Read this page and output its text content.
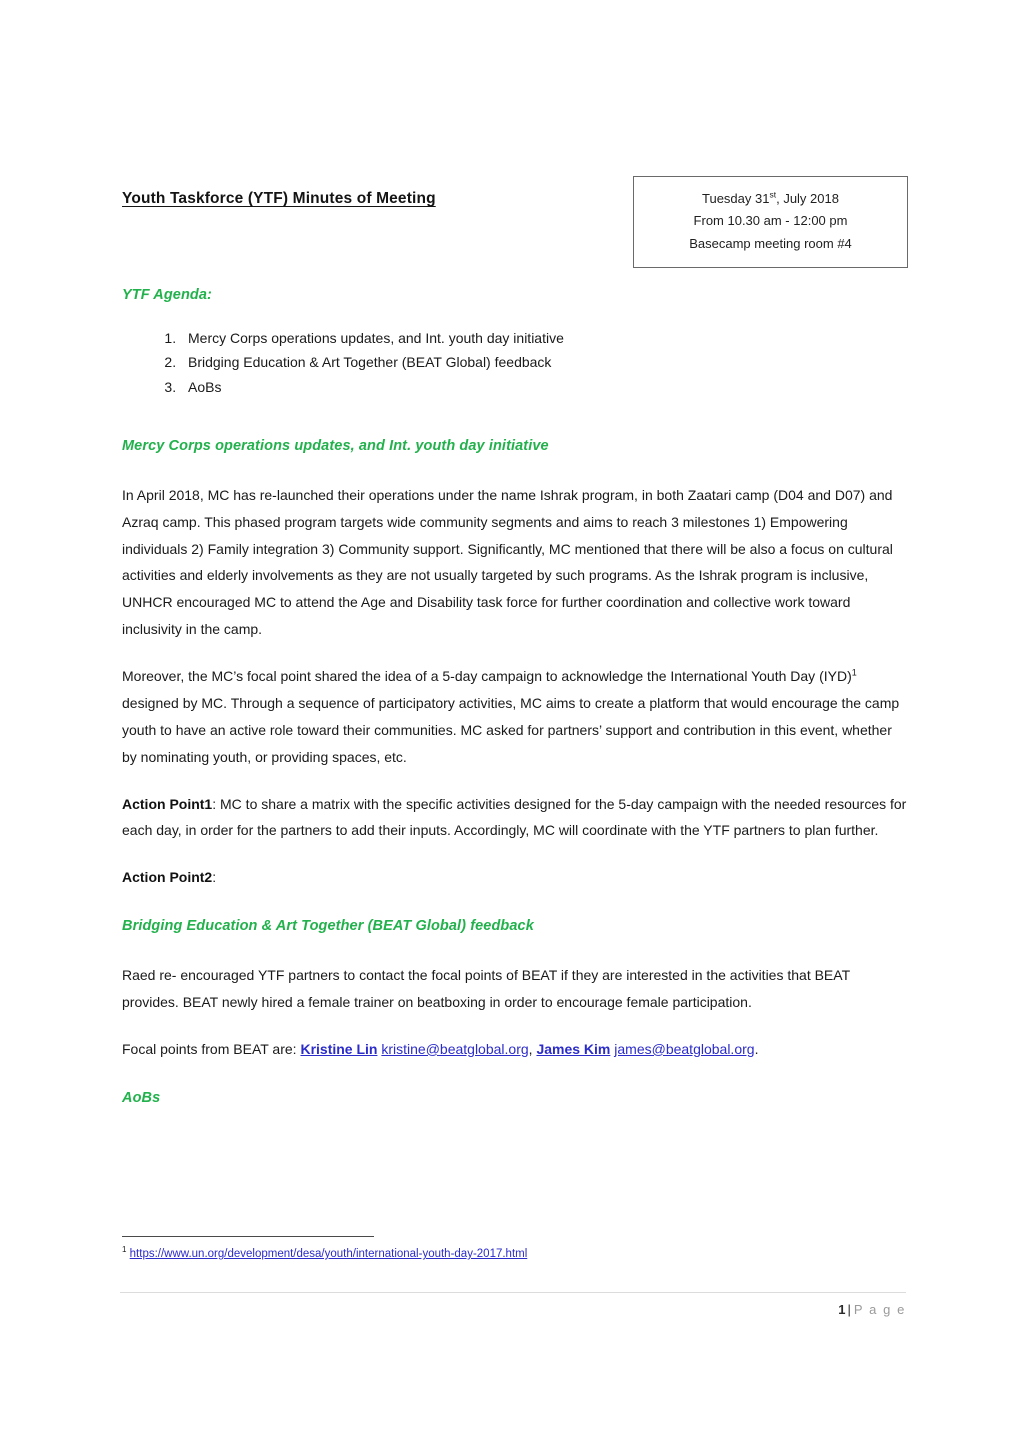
Youth Taskforce (YTF) Minutes of Meeting	Tuesday 31st, July 2018
From 10.30 am - 12:00 pm
Basecamp meeting room #4
YTF Agenda:
1. Mercy Corps operations updates, and Int. youth day initiative
2. Bridging Education & Art Together (BEAT Global) feedback
3. AoBs
Mercy Corps operations updates, and Int. youth day initiative

In April 2018, MC has re-launched their operations under the name Ishrak program, in both Zaatari camp (D04 and D07) and Azraq camp. This phased program targets wide community segments and aims to reach 3 milestones 1) Empowering individuals 2) Family integration 3) Community support. Significantly, MC mentioned that there will be also a focus on cultural activities and elderly involvements as they are not usually targeted by such programs. As the Ishrak program is inclusive, UNHCR encouraged MC to attend the Age and Disability task force for further coordination and collective work toward inclusivity in the camp.

Moreover, the MC’s focal point shared the idea of a 5-day campaign to acknowledge the International Youth Day (IYD)$^1$ designed by MC. Through a sequence of participatory activities, MC aims to create a platform that would encourage the camp youth to have an active role toward their communities. MC asked for partners’ support and contribution in this event, whether by nominating youth, or providing spaces, etc.

Action Point1: MC to share a matrix with the specific activities designed for the 5-day campaign with the needed resources for each day, in order for the partners to add their inputs. Accordingly, MC will coordinate with the YTF partners to plan further.

Action Point2:

Bridging Education & Art Together (BEAT Global) feedback

Raed re- encouraged YTF partners to contact the focal points of BEAT if they are interested in the activities that BEAT provides. BEAT newly hired a female trainer on beatboxing in order to encourage female participation.

Focal points from BEAT are: Kristine Lin kristine@beatglobal.org, James Kim james@beatglobal.org.

AoBs
$^1$ https://www.un.org/development/desa/youth/international-youth-day-2017.html
1 | P a g e
